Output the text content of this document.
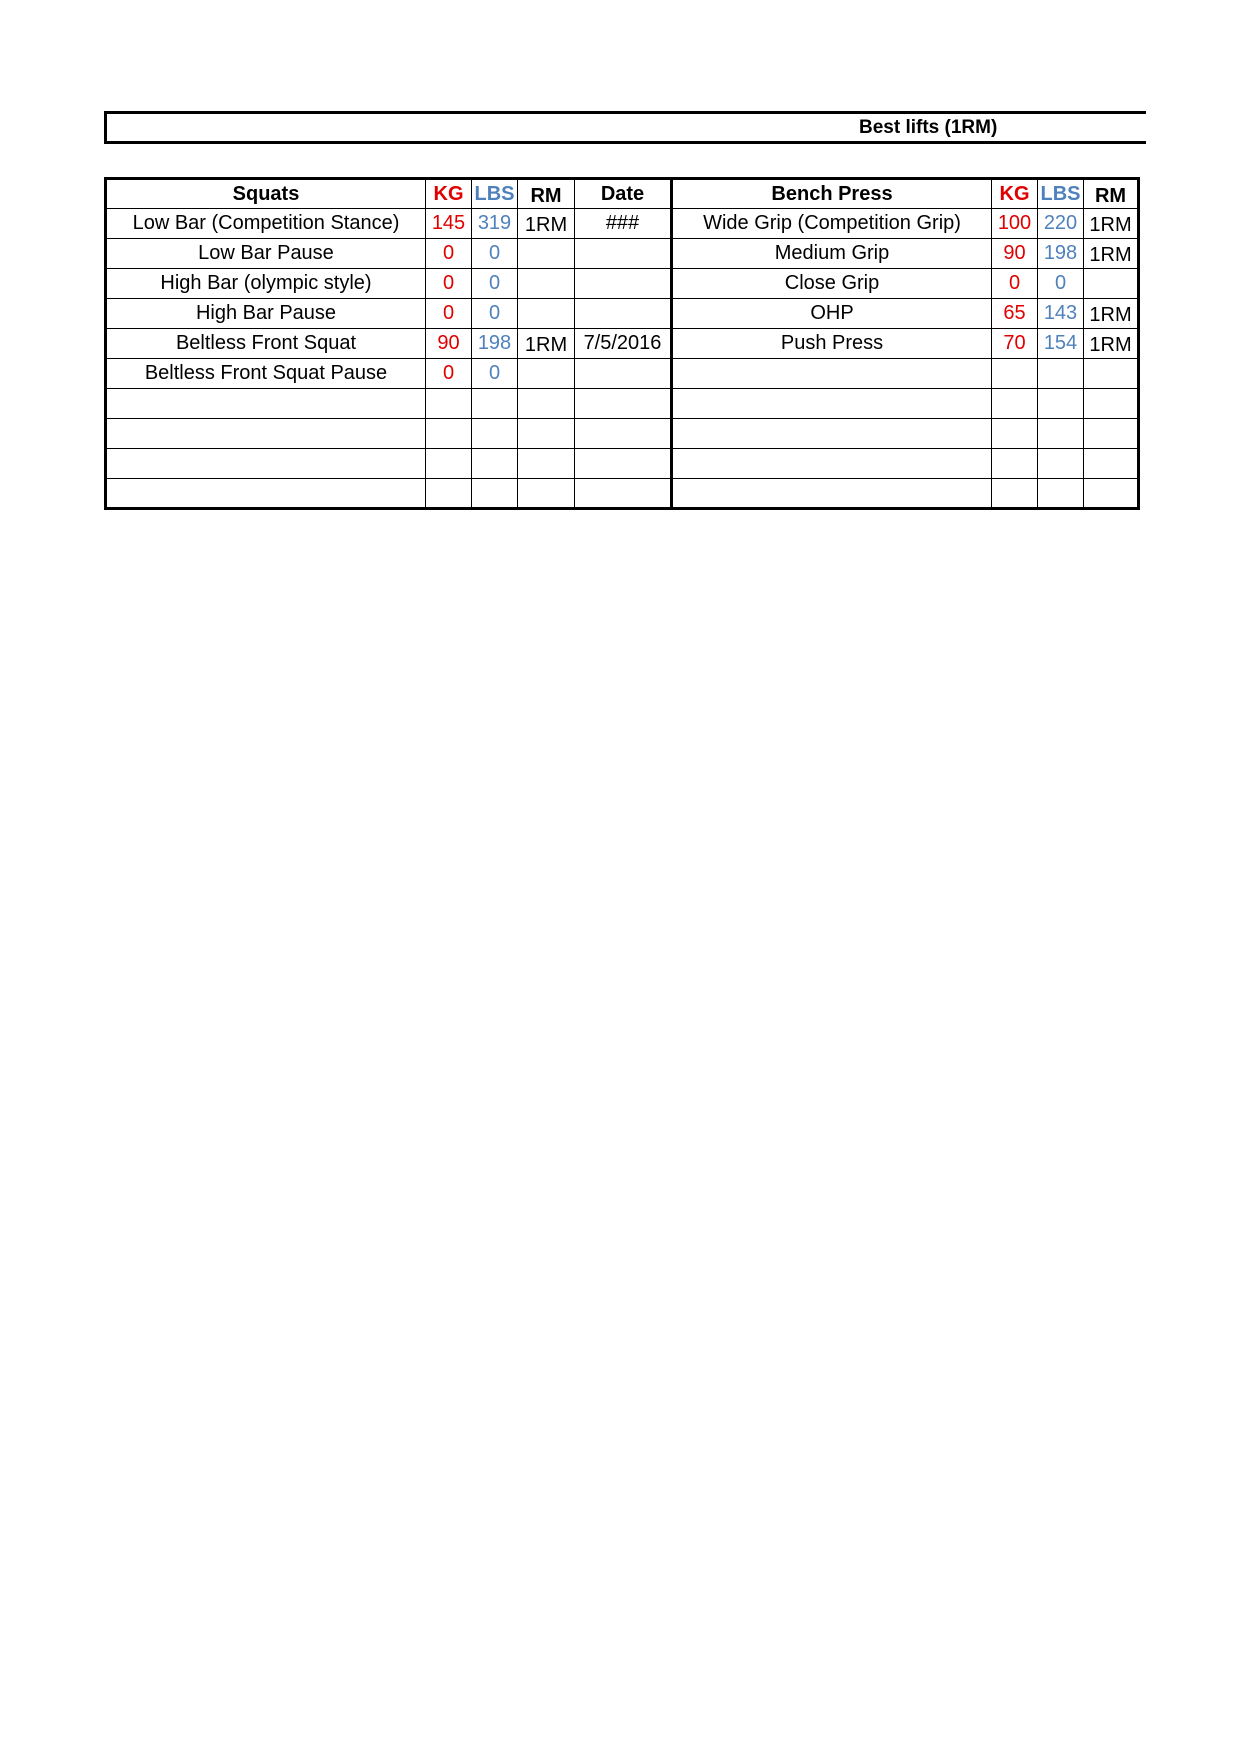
Best lifts (1RM)
Squats	KG	LBS	RM	Date	Bench Press	KG	LBS	RM
Low Bar (Competition Stance)	145	319	1RM	###	Wide Grip (Competition Grip)	100	220	1RM
Low Bar Pause	0	0			Medium Grip	90	198	1RM
High Bar (olympic style)	0	0			Close Grip	0	0	
High Bar Pause	0	0			OHP	65	143	1RM
Beltless Front Squat	90	198	1RM	7/5/2016	Push Press	70	154	1RM
Beltless Front Squat Pause	0	0						
